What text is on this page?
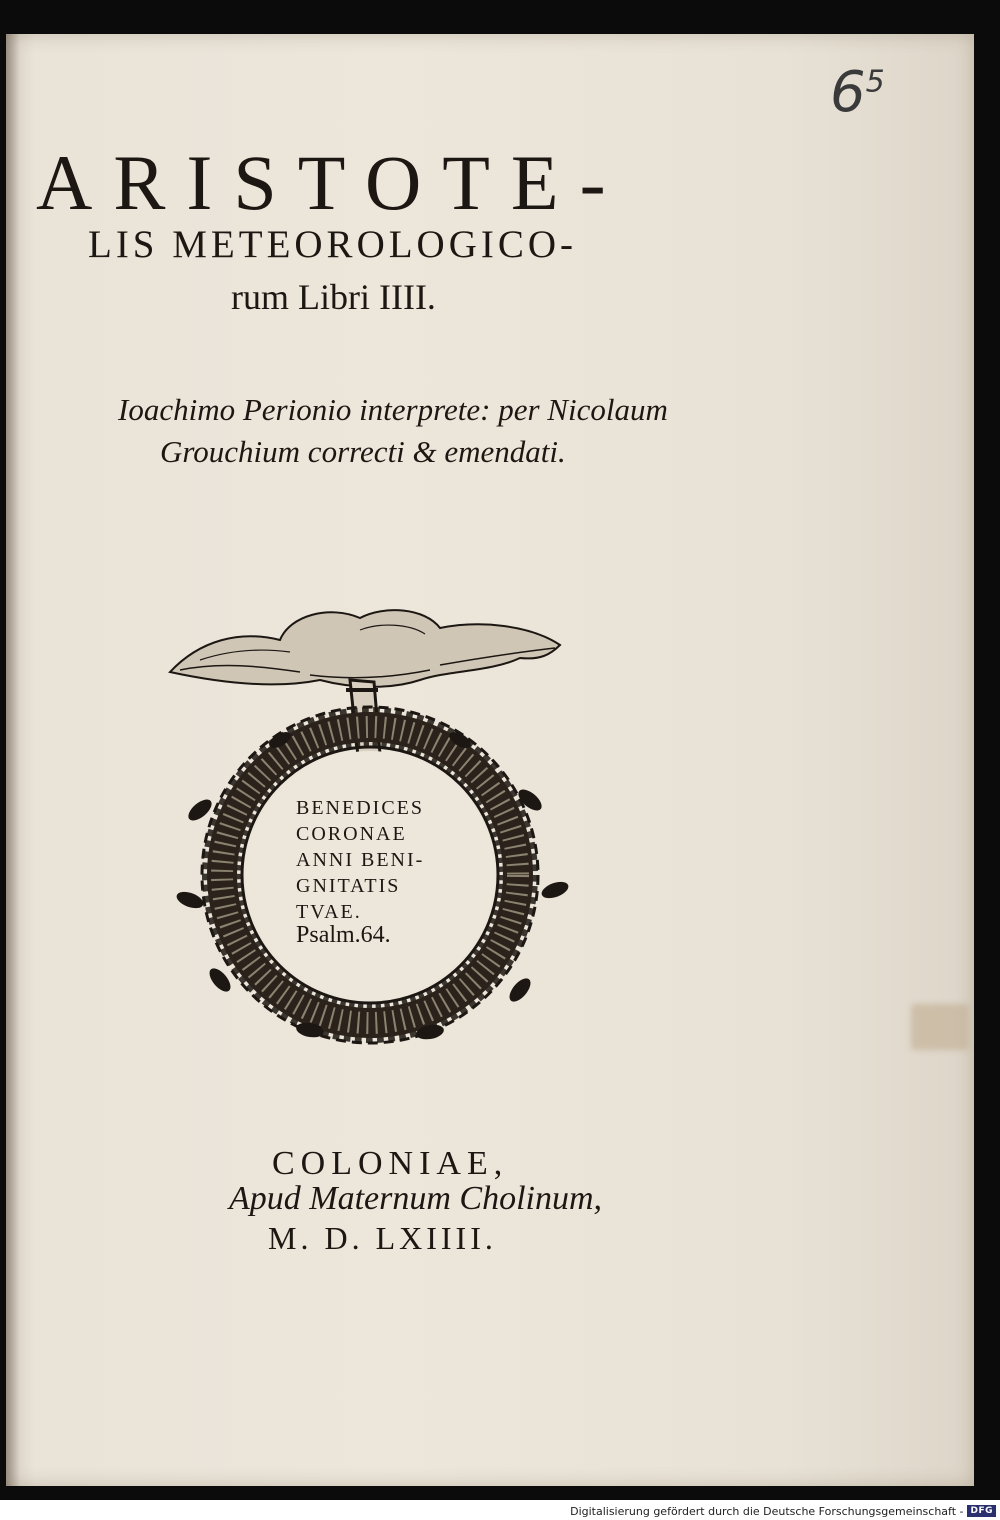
$6^5$

ARISTOTE-

LIS METEOROLOGICO-

rum Libri IIII.

Ioachimo Perionio interprete: per Nicolaum

Grouchium correcti & emendati.

BENEDICES

CORONAE

ANNI BENI-

GNITATIS

TVAE.

Psalm.64.

COLONIAE,

Apud Maternum Cholinum,

M. D. LXIIII.

Digitalisierung gefördert durch die Deutsche Forschungsgemeinschaft - DFG
